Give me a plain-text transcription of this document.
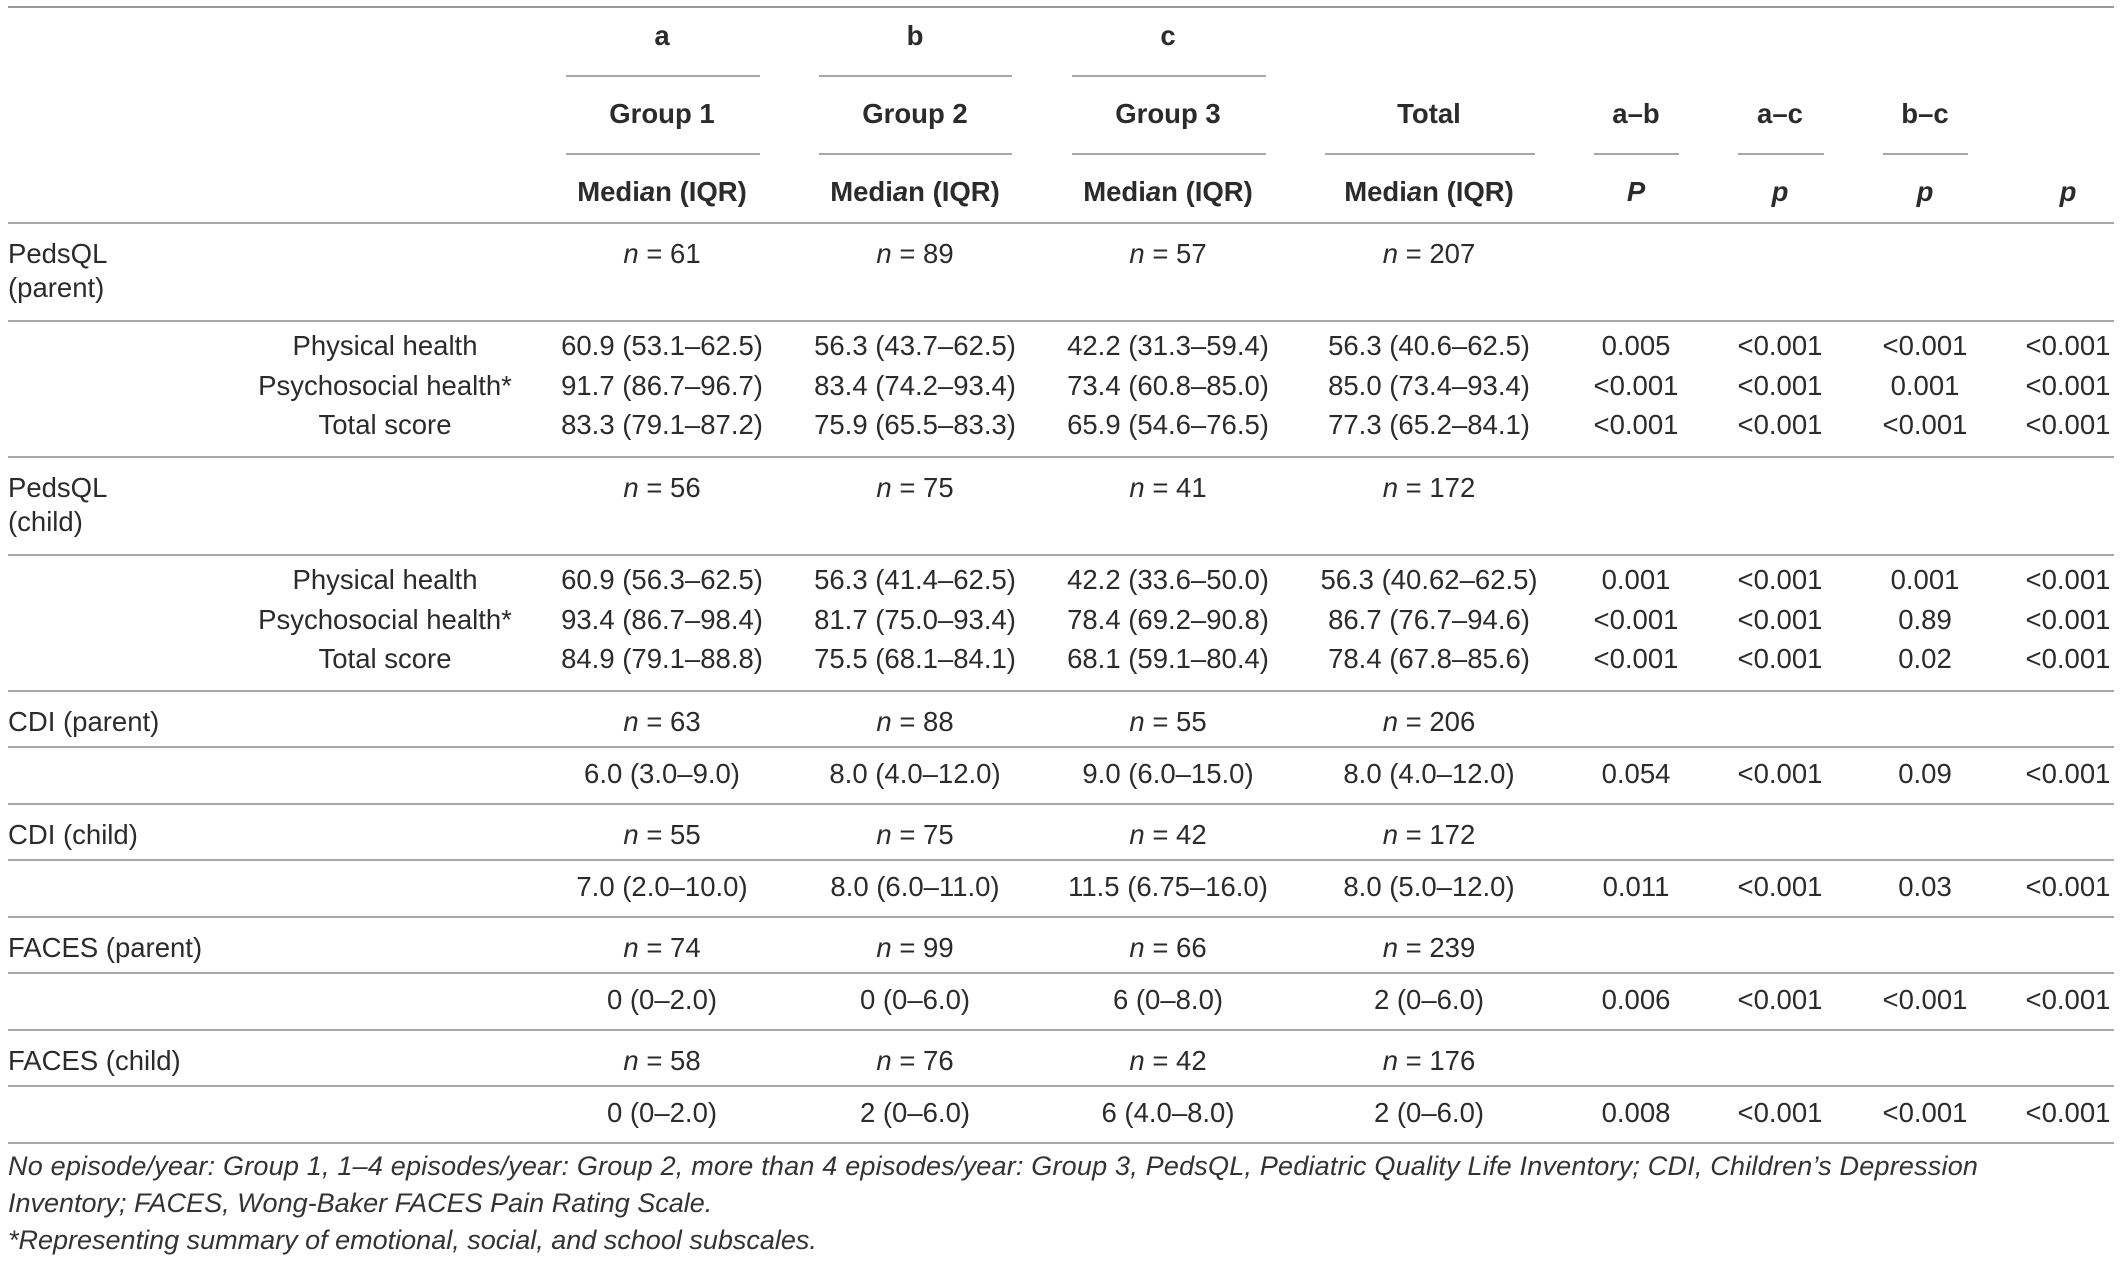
a	b	c
Group 1	Group 2	Group 3	Total	a–b	a–c	b–c
Median (IQR)	Median (IQR)	Median (IQR)	Median (IQR)	P	p	p	p
PedsQL
(parent)
n = 61	n = 89	n = 57	n = 207
Physical health	60.9 (53.1–62.5) 56.3 (43.7–62.5) 42.2 (31.3–59.4) 56.3 (40.6–62.5)	0.005 <0.001 <0.001 <0.001
Psychosocial health* 91.7 (86.7–96.7) 83.4 (74.2–93.4) 73.4 (60.8–85.0) 85.0 (73.4–93.4) <0.001 <0.001 0.001 <0.001
Total score	83.3 (79.1–87.2) 75.9 (65.5–83.3) 65.9 (54.6–76.5) 77.3 (65.2–84.1) <0.001 <0.001 <0.001 <0.001
PedsQL
(child)
n = 56	n = 75	n = 41	n = 172
Physical health	60.9 (56.3–62.5) 56.3 (41.4–62.5) 42.2 (33.6–50.0) 56.3 (40.62–62.5) 0.001 <0.001 0.001 <0.001
Psychosocial health* 93.4 (86.7–98.4) 81.7 (75.0–93.4) 78.4 (69.2–90.8) 86.7 (76.7–94.6) <0.001 <0.001	0.89	<0.001
Total score	84.9 (79.1–88.8) 75.5 (68.1–84.1) 68.1 (59.1–80.4) 78.4 (67.8–85.6) <0.001 <0.001	0.02	<0.001
CDI (parent)	n = 63	n = 88	n = 55	n = 206
6.0 (3.0–9.0)	8.0 (4.0–12.0)	9.0 (6.0–15.0)	8.0 (4.0–12.0)	0.054 <0.001	0.09	<0.001
CDI (child)	n = 55	n = 75	n = 42	n = 172
7.0 (2.0–10.0)	8.0 (6.0–11.0) 11.5 (6.75–16.0)	8.0 (5.0–12.0)	0.011 <0.001	0.03	<0.001
FACES (parent)	n = 74	n = 99	n = 66	n = 239
0 (0–2.0)	0 (0–6.0)	6 (0–8.0)	2 (0–6.0)	0.006 <0.001 <0.001 <0.001
FACES (child)	n = 58	n = 76	n = 42	n = 176
0 (0–2.0)	2 (0–6.0)	6 (4.0–8.0)	2 (0–6.0)	0.008 <0.001 <0.001 <0.001
No episode/year: Group 1, 1–4 episodes/year: Group 2, more than 4 episodes/year: Group 3, PedsQL, Pediatric Quality Life Inventory; CDI, Children’s Depression
Inventory; FACES, Wong-Baker FACES Pain Rating Scale.
*Representing summary of emotional, social, and school subscales.
